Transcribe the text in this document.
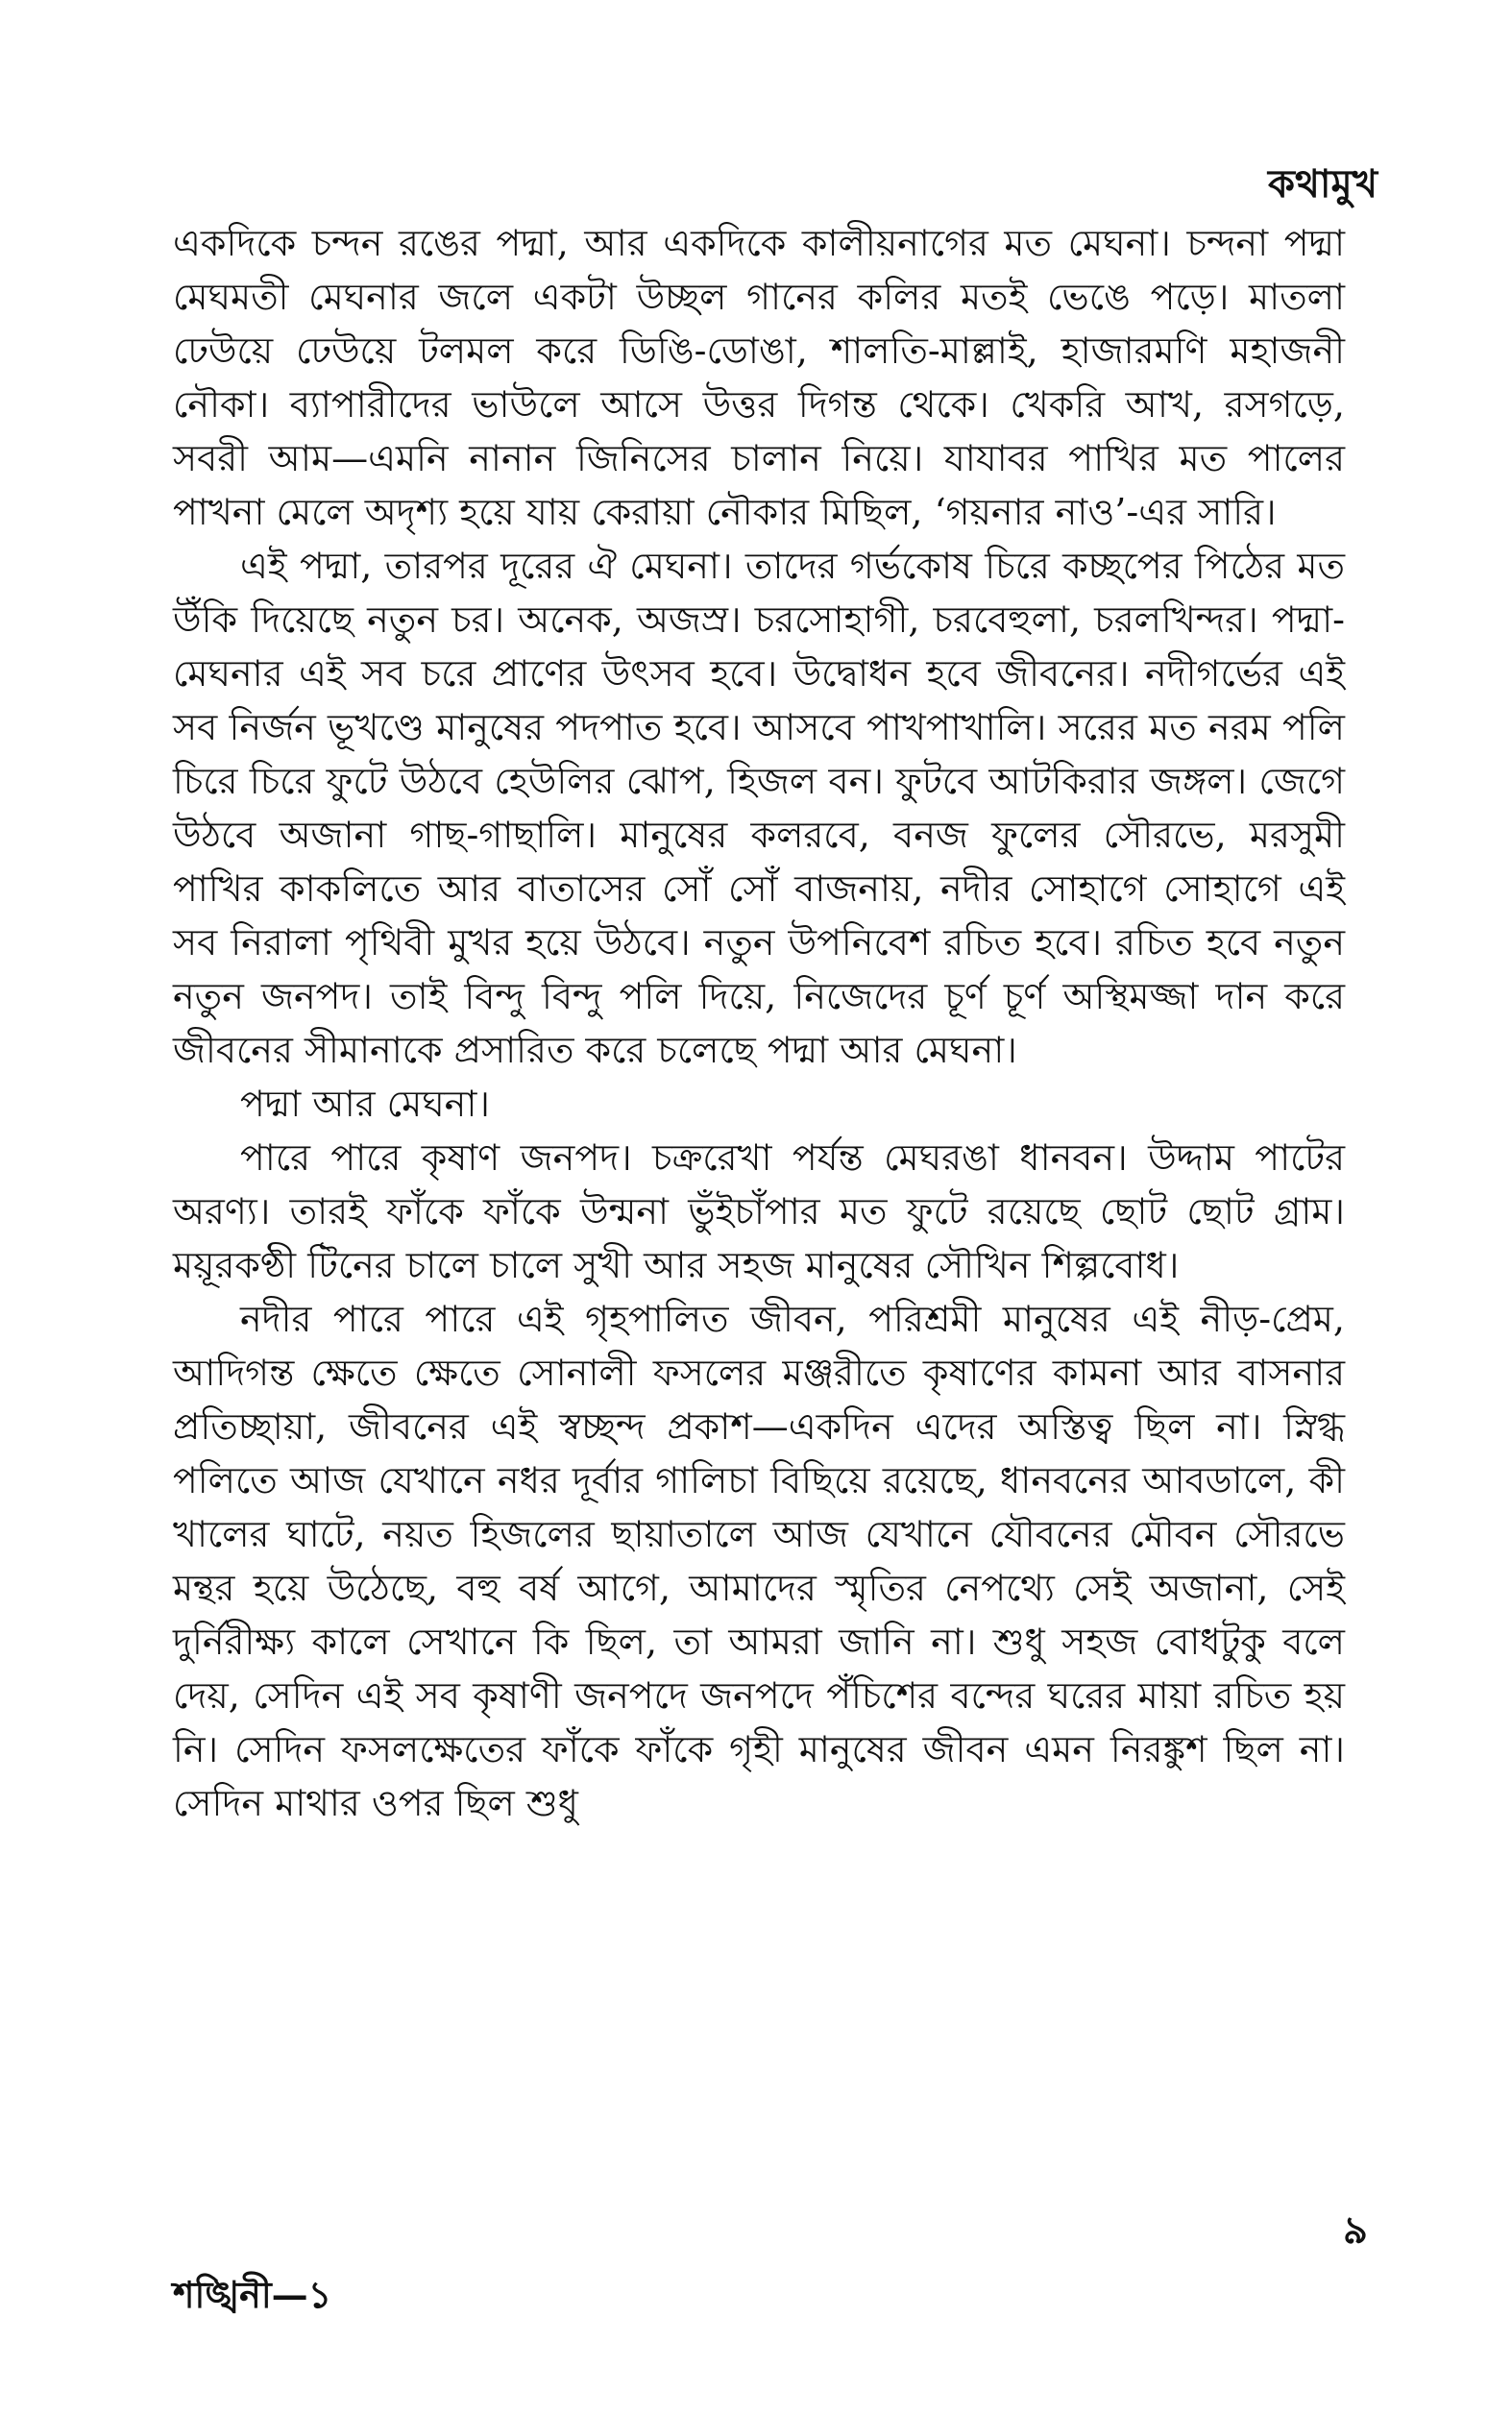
কথামুখ

একদিকে চন্দন রঙের পদ্মা, আর একদিকে কালীয়নাগের মত মেঘনা। চন্দনা পদ্মা মেঘমতী মেঘনার জলে একটা উচ্ছল গানের কলির মতই ভেঙে পড়ে। মাতলা ঢেউয়ে ঢেউয়ে টলমল করে ডিঙি-ডোঙা, শালতি-মাল্লাই, হাজারমণি মহাজনী নৌকা। ব্যাপারীদের ভাউলে আসে উত্তর দিগন্ত থেকে। খেকরি আখ, রসগড়ে, সবরী আম—এমনি নানান জিনিসের চালান নিয়ে। যাযাবর পাখির মত পালের পাখনা মেলে অদৃশ্য হয়ে যায় কেরায়া নৌকার মিছিল, ‘গয়নার নাও’-এর সারি।

এই পদ্মা, তারপর দূরের ঐ মেঘনা। তাদের গর্ভকোষ চিরে কচ্ছপের পিঠের মত উঁকি দিয়েছে নতুন চর। অনেক, অজস্র। চরসোহাগী, চরবেহুলা, চরলখিন্দর। পদ্মা-মেঘনার এই সব চরে প্রাণের উৎসব হবে। উদ্বোধন হবে জীবনের। নদীগর্ভের এই সব নির্জন ভূখণ্ডে মানুষের পদপাত হবে। আসবে পাখপাখালি। সরের মত নরম পলি চিরে চিরে ফুটে উঠবে হেউলির ঝোপ, হিজল বন। ফুটবে আটকিরার জঙ্গল। জেগে উঠবে অজানা গাছ-গাছালি। মানুষের কলরবে, বনজ ফুলের সৌরভে, মরসুমী পাখির কাকলিতে আর বাতাসের সোঁ সোঁ বাজনায়, নদীর সোহাগে সোহাগে এই সব নিরালা পৃথিবী মুখর হয়ে উঠবে। নতুন উপনিবেশ রচিত হবে। রচিত হবে নতুন নতুন জনপদ। তাই বিন্দু বিন্দু পলি দিয়ে, নিজেদের চূর্ণ চূর্ণ অস্থিমজ্জা দান করে জীবনের সীমানাকে প্রসারিত করে চলেছে পদ্মা আর মেঘনা।

পদ্মা আর মেঘনা।

পারে পারে কৃষাণ জনপদ। চক্ররেখা পর্যন্ত মেঘরঙা ধানবন। উদ্দাম পাটের অরণ্য। তারই ফাঁকে ফাঁকে উন্মনা ভুঁইচাঁপার মত ফুটে রয়েছে ছোট ছোট গ্রাম। ময়ূরকণ্ঠী টিনের চালে চালে সুখী আর সহজ মানুষের সৌখিন শিল্পবোধ।

নদীর পারে পারে এই গৃহপালিত জীবন, পরিশ্রমী মানুষের এই নীড়-প্রেম, আদিগন্ত ক্ষেতে ক্ষেতে সোনালী ফসলের মঞ্জরীতে কৃষাণের কামনা আর বাসনার প্রতিচ্ছায়া, জীবনের এই স্বচ্ছন্দ প্রকাশ—একদিন এদের অস্তিত্ব ছিল না। স্নিগ্ধ পলিতে আজ যেখানে নধর দূর্বার গালিচা বিছিয়ে রয়েছে, ধানবনের আবডালে, কী খালের ঘাটে, নয়ত হিজলের ছায়াতালে আজ যেখানে যৌবনের মৌবন সৌরভে মন্থর হয়ে উঠেছে, বহু বর্ষ আগে, আমাদের স্মৃতির নেপথ্যে সেই অজানা, সেই দুর্নিরীক্ষ্য কালে সেখানে কি ছিল, তা আমরা জানি না। শুধু সহজ বোধটুকু বলে দেয়, সেদিন এই সব কৃষাণী জনপদে জনপদে পঁচিশের বন্দের ঘরের মায়া রচিত হয় নি। সেদিন ফসলক্ষেতের ফাঁকে ফাঁকে গৃহী মানুষের জীবন এমন নিরঙ্কুশ ছিল না। সেদিন মাথার ওপর ছিল শুধু

৯
শঙ্খিনী—১
